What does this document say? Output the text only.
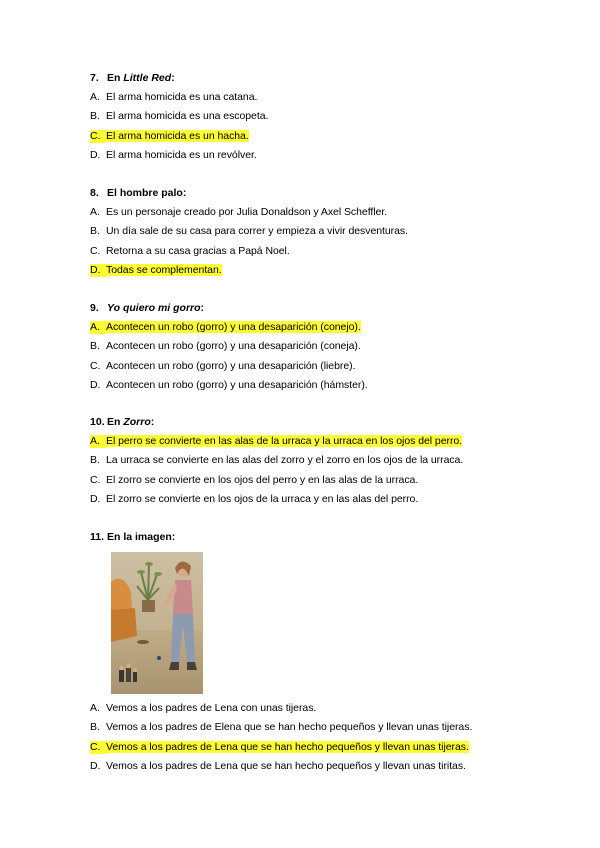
7. En Little Red:
A. El arma homicida es una catana.
B. El arma homicida es una escopeta.
C. El arma homicida es un hacha.
D. El arma homicida es un revólver.
8. El hombre palo:
A. Es un personaje creado por Julia Donaldson y Axel Scheffler.
B. Un día sale de su casa para correr y empieza a vivir desventuras.
C. Retorna a su casa gracias a Papá Noel.
D. Todas se complementan.
9. Yo quiero mi gorro:
A. Acontecen un robo (gorro) y una desaparición (conejo).
B. Acontecen un robo (gorro) y una desaparición (coneja).
C. Acontecen un robo (gorro) y una desaparición (liebre).
D. Acontecen un robo (gorro) y una desaparición (hámster).
10. En Zorro:
A. El perro se convierte en las alas de la urraca y la urraca en los ojos del perro.
B. La urraca se convierte en las alas del zorro y el zorro en los ojos de la urraca.
C. El zorro se convierte en los ojos del perro y en las alas de la urraca.
D. El zorro se convierte en los ojos de la urraca y en las alas del perro.
11. En la imagen:
A. Vemos a los padres de Lena con unas tijeras.
B. Vemos a los padres de Elena que se han hecho pequeños y llevan unas tijeras.
C. Vemos a los padres de Lena que se han hecho pequeños y llevan unas tijeras.
D. Vemos a los padres de Lena que se han hecho pequeños y llevan unas tiritas.
